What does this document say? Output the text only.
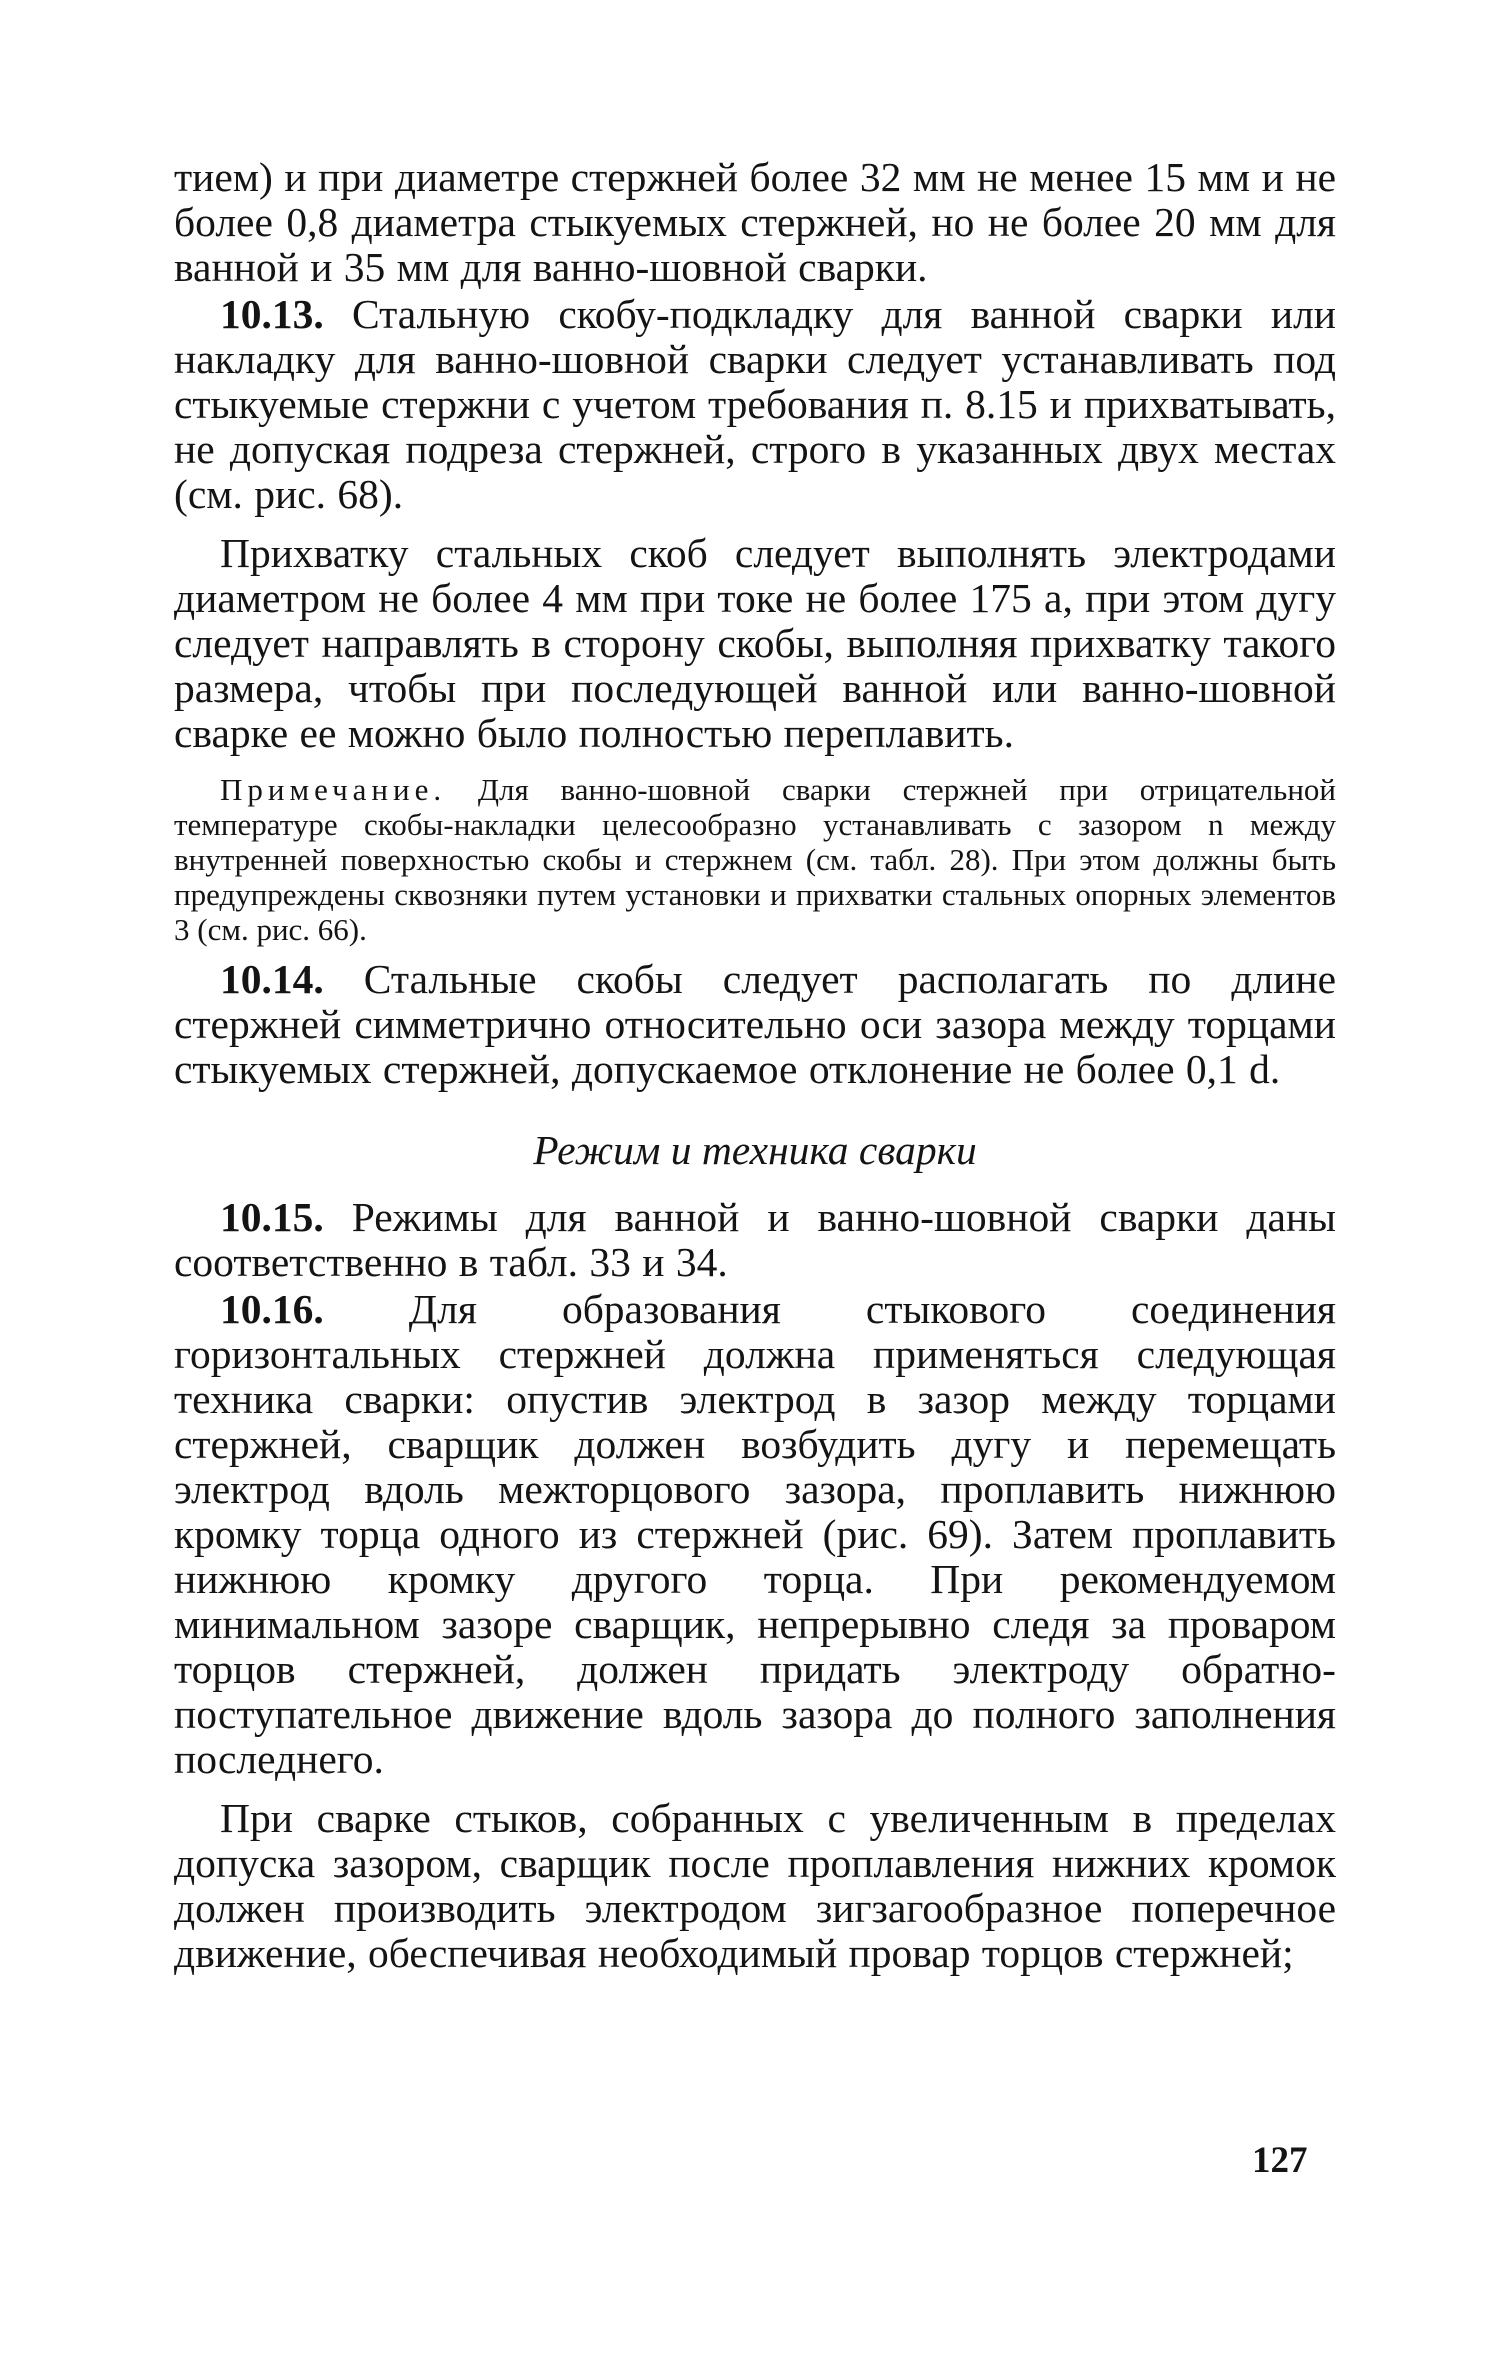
тием) и при диаметре стержней более 32 мм не менее 15 мм и не более 0,8 диаметра стыкуемых стержней, но не более 20 мм для ванной и 35 мм для ванно-шовной сварки.

10.13. Стальную скобу-подкладку для ванной сварки или накладку для ванно-шовной сварки следует устанавливать под стыкуемые стержни с учетом требования п. 8.15 и прихватывать, не допуская подреза стержней, строго в указанных двух местах (см. рис. 68).

Прихватку стальных скоб следует выполнять электродами диаметром не более 4 мм при токе не более 175 а, при этом дугу следует направлять в сторону скобы, выполняя прихватку такого размера, чтобы при последующей ванной или ванно-шовной сварке ее можно было полностью переплавить.

Примечание. Для ванно-шовной сварки стержней при отрицательной температуре скобы-накладки целесообразно устанавливать с зазором n между внутренней поверхностью скобы и стержнем (см. табл. 28). При этом должны быть предупреждены сквозняки путем установки и прихватки стальных опорных элементов 3 (см. рис. 66).

10.14. Стальные скобы следует располагать по длине стержней симметрично относительно оси зазора между торцами стыкуемых стержней, допускаемое отклонение не более 0,1 d.

Режим и техника сварки

10.15. Режимы для ванной и ванно-шовной сварки даны соответственно в табл. 33 и 34.

10.16. Для образования стыкового соединения горизонтальных стержней должна применяться следующая техника сварки: опустив электрод в зазор между торцами стержней, сварщик должен возбудить дугу и перемещать электрод вдоль межторцового зазора, проплавить нижнюю кромку торца одного из стержней (рис. 69). Затем проплавить нижнюю кромку другого торца. При рекомендуемом минимальном зазоре сварщик, непрерывно следя за проваром торцов стержней, должен придать электроду обратно-поступательное движение вдоль зазора до полного заполнения последнего.

При сварке стыков, собранных с увеличенным в пределах допуска зазором, сварщик после проплавления нижних кромок должен производить электродом зигзагообразное поперечное движение, обеспечивая необходимый провар торцов стержней;

127
